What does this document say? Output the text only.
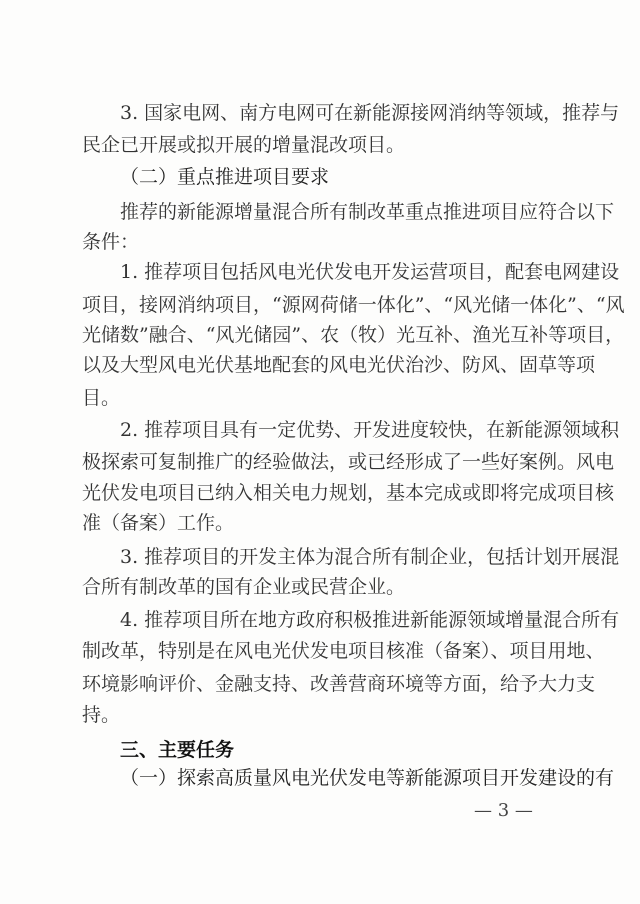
3. 国家电网、南方电网可在新能源接网消纳等领域，推荐与
民企已开展或拟开展的增量混改项目。
（二）重点推进项目要求
推荐的新能源增量混合所有制改革重点推进项目应符合以下
条件：
1. 推荐项目包括风电光伏发电开发运营项目，配套电网建设
项目，接网消纳项目，“源网荷储一体化”、“风光储一体化”、“风
光储数”融合、“风光储园”、农（牧）光互补、渔光互补等项目，
以及大型风电光伏基地配套的风电光伏治沙、防风、固草等项
目。
2. 推荐项目具有一定优势、开发进度较快，在新能源领域积
极探索可复制推广的经验做法，或已经形成了一些好案例。风电
光伏发电项目已纳入相关电力规划，基本完成或即将完成项目核
准（备案）工作。
3. 推荐项目的开发主体为混合所有制企业，包括计划开展混
合所有制改革的国有企业或民营企业。
4. 推荐项目所在地方政府积极推进新能源领域增量混合所有
制改革，特别是在风电光伏发电项目核准（备案）、项目用地、
环境影响评价、金融支持、改善营商环境等方面，给予大力支
持。
三、主要任务
（一）探索高质量风电光伏发电等新能源项目开发建设的有
— 3 —
